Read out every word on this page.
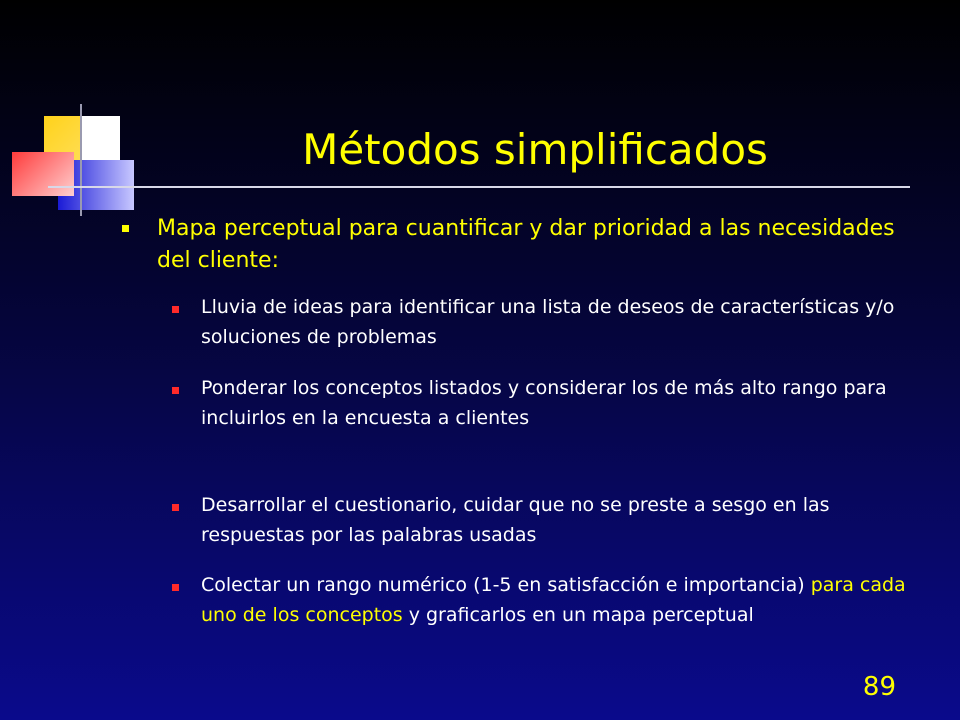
Métodos simplificados
Mapa perceptual para cuantificar y dar prioridad a las necesidades del cliente:
Lluvia de ideas para identificar una lista de deseos de características y/o soluciones de problemas
Ponderar los conceptos listados y considerar los de más alto rango para incluirlos en la encuesta a clientes
Desarrollar el cuestionario, cuidar que no se preste a sesgo en las respuestas por las palabras usadas
Colectar un rango numérico (1-5 en satisfacción e importancia) para cada uno de los conceptos y graficarlos en un mapa perceptual
89
